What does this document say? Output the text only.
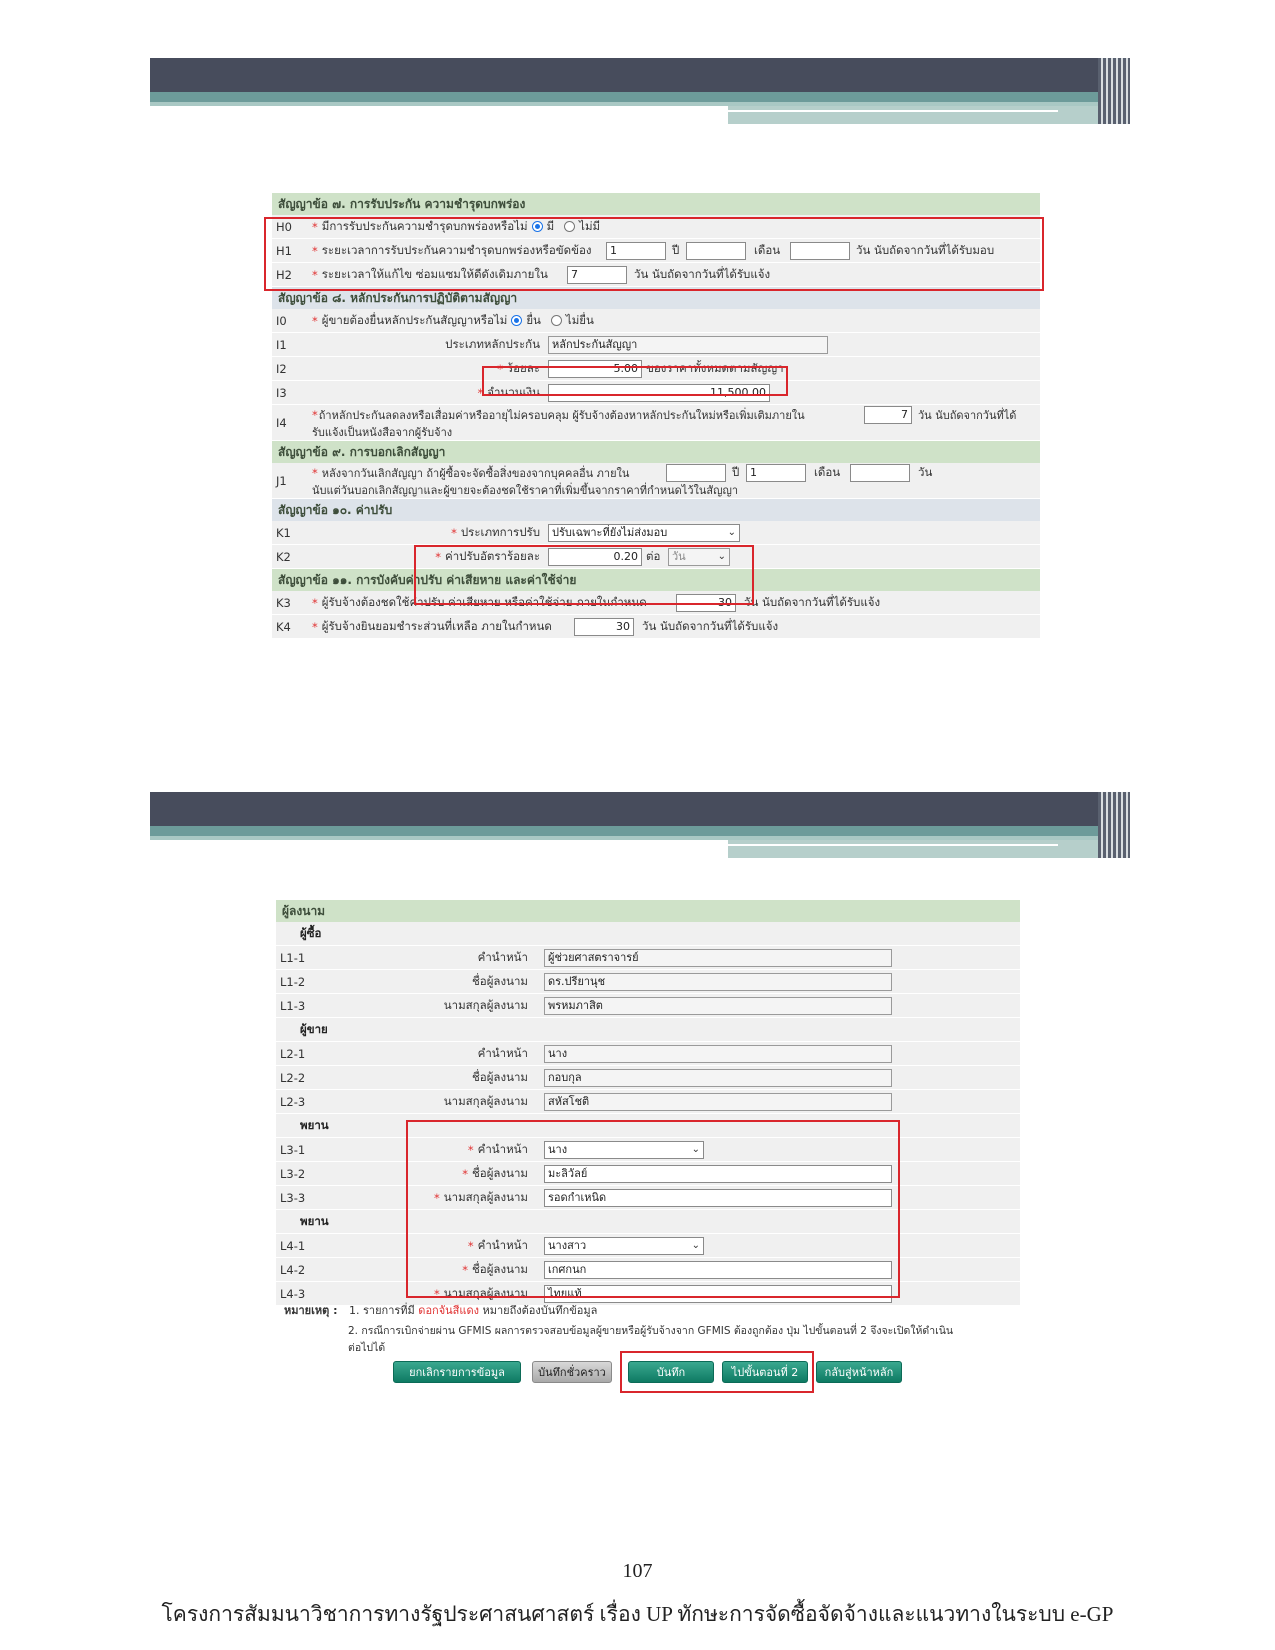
สัญญาข้อ ๗. การรับประกัน ความชำรุดบกพร่อง
H0	* มีการรับประกันความชำรุดบกพร่องหรือไม่ มี ไม่มี
H1	* ระยะเวลาการรับประกันความชำรุดบกพร่องหรือขัดข้อง	1	ปี	เดือน	วัน นับถัดจากวันที่ได้รับมอบ
H2	* ระยะเวลาให้แก้ไข ซ่อมแซมให้ดีดังเดิมภายใน	7	วัน นับถัดจากวันที่ได้รับแจ้ง
สัญญาข้อ ๘. หลักประกันการปฏิบัติตามสัญญา
I0	* ผู้ขายต้องยื่นหลักประกันสัญญาหรือไม่ ยื่น ไม่ยื่น
I1	ประเภทหลักประกัน	หลักประกันสัญญา
I2	* ร้อยละ	5.00 ของราคาทั้งหมดตามสัญญา
I3	* จำนวนเงิน	11,500.00
I4
* ถ้าหลักประกันลดลงหรือเสื่อมค่าหรืออายุไม่ครอบคลุม ผู้รับจ้างต้องหาหลักประกันใหม่หรือเพิ่มเติมภายใน	7 วัน นับถัดจากวันที่ได้
รับแจ้งเป็นหนังสือจากผู้รับจ้าง
สัญญาข้อ ๙. การบอกเลิกสัญญา
J1
* หลังจากวันเลิกสัญญา ถ้าผู้ซื้อจะจัดซื้อสิ่งของจากบุคคลอื่น ภายใน	ปี 1	เดือน	วัน
นับแต่วันบอกเลิกสัญญาและผู้ขายจะต้องชดใช้ราคาที่เพิ่มขึ้นจากราคาที่กำหนดไว้ในสัญญา
สัญญาข้อ ๑๐. ค่าปรับ
K1	* ประเภทการปรับ	ปรับเฉพาะที่ยังไม่ส่งมอบ	⌄
K2	* ค่าปรับอัตราร้อยละ	0.20 ต่อ	วัน	⌄
สัญญาข้อ ๑๑. การบังคับค่าปรับ ค่าเสียหาย และค่าใช้จ่าย
K3	* ผู้รับจ้างต้องชดใช้ค่าปรับ ค่าเสียหาย หรือค่าใช้จ่าย ภายในกำหนด	30	วัน นับถัดจากวันที่ได้รับแจ้ง
K4	* ผู้รับจ้างยินยอมชำระส่วนที่เหลือ ภายในกำหนด	30	วัน นับถัดจากวันที่ได้รับแจ้ง
ผู้ลงนาม
ผู้ซื้อ
L1-1	คำนำหน้า	ผู้ช่วยศาสตราจารย์
L1-2	ชื่อผู้ลงนาม	ดร.ปรียานุช
L1-3	นามสกุลผู้ลงนาม	พรหมภาสิต
ผู้ขาย
L2-1	คำนำหน้า	นาง
L2-2	ชื่อผู้ลงนาม	กอบกุล
L2-3	นามสกุลผู้ลงนาม	สหัสโชติ
พยาน
L3-1	* คำนำหน้า	นาง	⌄
L3-2	* ชื่อผู้ลงนาม	มะลิวัลย์
L3-3	* นามสกุลผู้ลงนาม	รอดกำเหนิด
พยาน
L4-1	* คำนำหน้า	นางสาว	⌄
L4-2	* ชื่อผู้ลงนาม	เกศกนก
L4-3	* นามสกุลผู้ลงนาม	ไทยแท้
หมายเหตุ : 1. รายการที่มี ดอกจันสีแดง หมายถึงต้องบันทึกข้อมูล
2. กรณีการเบิกจ่ายผ่าน GFMIS ผลการตรวจสอบข้อมูลผู้ขายหรือผู้รับจ้างจาก GFMIS ต้องถูกต้อง ปุ่ม ไปขั้นตอนที่ 2 จึงจะเปิดให้ดำเนิน
ต่อไปได้
ยกเลิกรายการข้อมูล	บันทึกชั่วคราว	บันทึก	ไปขั้นตอนที่ 2	กลับสู่หน้าหลัก
107
โครงการสัมมนาวิชาการทางรัฐประศาสนศาสตร์ เรื่อง UP ทักษะการจัดซื้อจัดจ้างและแนวทางในระบบ e-GP
